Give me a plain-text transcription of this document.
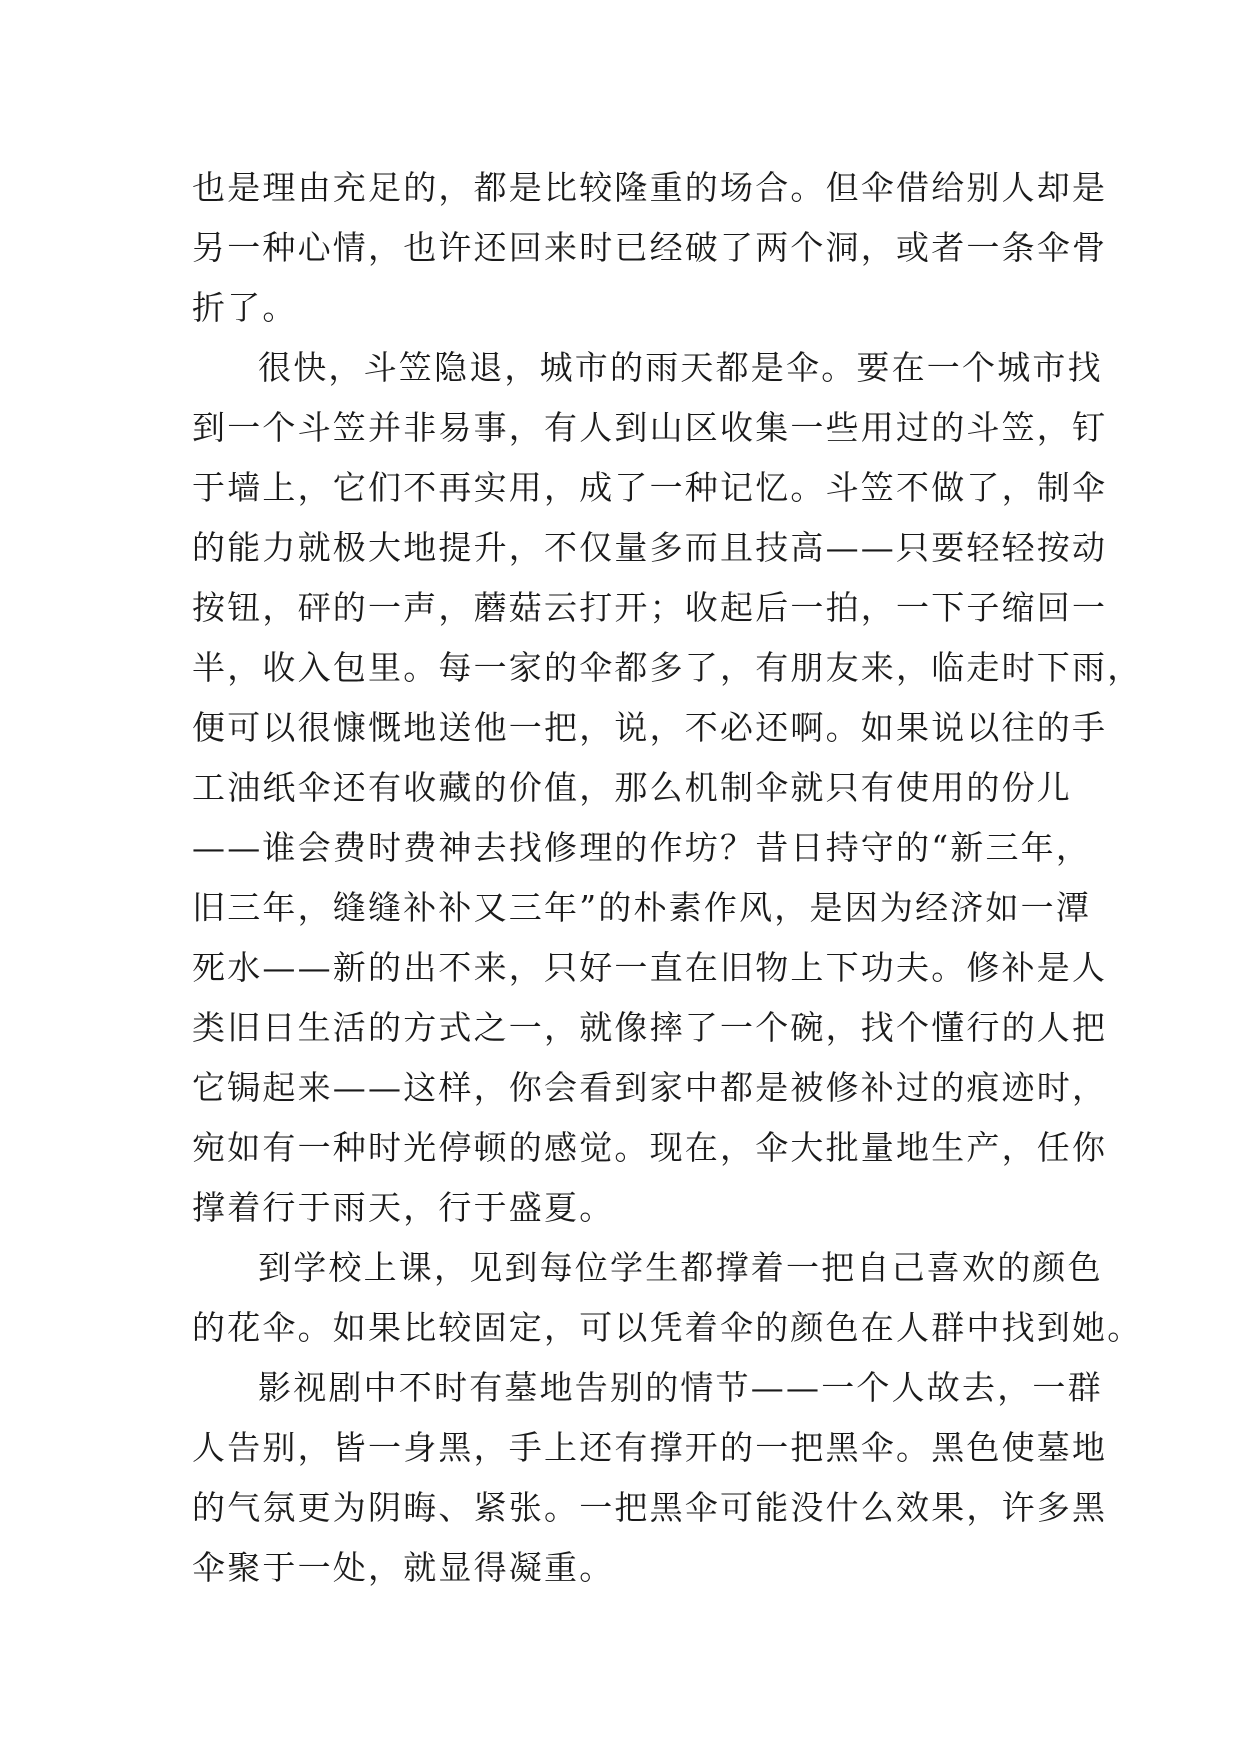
也是理由充足的，都是比较隆重的场合。但伞借给别人却是
另一种心情，也许还回来时已经破了两个洞，或者一条伞骨
折了。
很快，斗笠隐退，城市的雨天都是伞。要在一个城市找
到一个斗笠并非易事，有人到山区收集一些用过的斗笠，钉
于墙上，它们不再实用，成了一种记忆。斗笠不做了，制伞
的能力就极大地提升，不仅量多而且技高——只要轻轻按动
按钮，砰的一声，蘑菇云打开；收起后一拍，一下子缩回一
半，收入包里。每一家的伞都多了，有朋友来，临走时下雨，
便可以很慷慨地送他一把，说，不必还啊。如果说以往的手
工油纸伞还有收藏的价值，那么机制伞就只有使用的份儿
——谁会费时费神去找修理的作坊？昔日持守的“新三年，
旧三年，缝缝补补又三年”的朴素作风，是因为经济如一潭
死水——新的出不来，只好一直在旧物上下功夫。修补是人
类旧日生活的方式之一，就像摔了一个碗，找个懂行的人把
它锔起来——这样，你会看到家中都是被修补过的痕迹时，
宛如有一种时光停顿的感觉。现在，伞大批量地生产，任你
撑着行于雨天，行于盛夏。
到学校上课，见到每位学生都撑着一把自己喜欢的颜色
的花伞。如果比较固定，可以凭着伞的颜色在人群中找到她。
影视剧中不时有墓地告别的情节——一个人故去，一群
人告别，皆一身黑，手上还有撑开的一把黑伞。黑色使墓地
的气氛更为阴晦、紧张。一把黑伞可能没什么效果，许多黑
伞聚于一处，就显得凝重。
